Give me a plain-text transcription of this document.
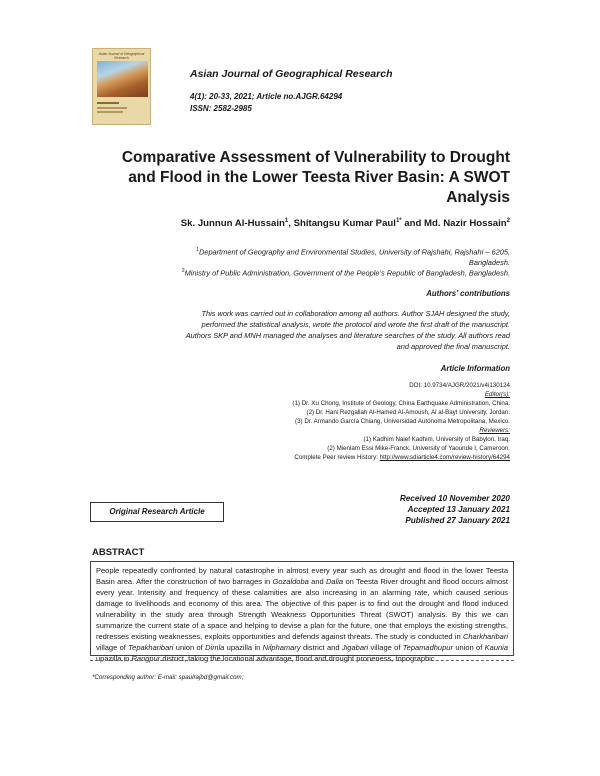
Asian Journal of Geographical Research
Asian Journal of Geographical Research
4(1): 20-33, 2021; Article no.AJGR.64294
ISSN: 2582-2985
Comparative Assessment of Vulnerability to Drought
and Flood in the Lower Teesta River Basin: A SWOT
Analysis
Sk. Junnun Al-Hussain$^1$, Shitangsu Kumar Paul$^{1*}$ and Md. Nazir Hossain$^2$
$^1$Department of Geography and Environmental Studies, University of Rajshahi, Rajshahi – 6205,
Bangladesh.
$^2$Ministry of Public Administration, Government of the People’s Republic of Bangladesh, Bangladesh.
Authors’ contributions
This work was carried out in collaboration among all authors. Author SJAH designed the study,
performed the statistical analysis, wrote the protocol and wrote the first draft of the manuscript.
Authors SKP and MNH managed the analyses and literature searches of the study. All authors read
and approved the final manuscript.
Article Information
DOI: 10.9734/AJGR/2021/v4i130124
Editor(s):
(1) Dr. Xu Chong, Institute of Geology, China Earthquake Administration, China.
(2) Dr. Hani Rezgallah Al-Hamed Al-Amoush, Al al-Bayt University, Jordan.
(3) Dr. Armando García Chiang, Universidad Autónoma Metropolitana, Mexico.
Reviewers:
(1) Kadhim Naief Kadhim, University of Babylon, Iraq.
(2) Mienlam Essi Mike-Franck, University of Yaounde I, Cameroon.
Complete Peer review History: http://www.sdiarticle4.com/review-history/64294
Original Research Article
Received 10 November 2020
Accepted 13 January 2021
Published 27 January 2021
ABSTRACT
People repeatedly confronted by natural catastrophe in almost every year such as drought and flood in the lower Teesta Basin area. After the construction of two barrages in Gozaldoba and Dalia on Teesta River drought and flood occurs almost every year. Intensity and frequency of these calamities are also increasing in an alarming rate, which caused serious damage to livelihoods and economy of this area. The objective of this paper is to find out the drought and flood induced vulnerability in the study area through Strength Weakness Opportunities Threat (SWOT) analysis. By this we can summarize the current state of a space and helping to devise a plan for the future, one that employs the existing strengths, redresses existing weaknesses, exploits opportunities and defends against threats. The study is conducted in Charkharibari village of Tepakharibari union of Dimla upazilla in Nilphamary district and Jigabari village of Tepamadhupur union of Kaunia upazilla in Rangpur district, taking the locational advantage, flood and drought proneness, topographic
*Corresponding author: E-mail: spaulrajbd@gmail.com;
